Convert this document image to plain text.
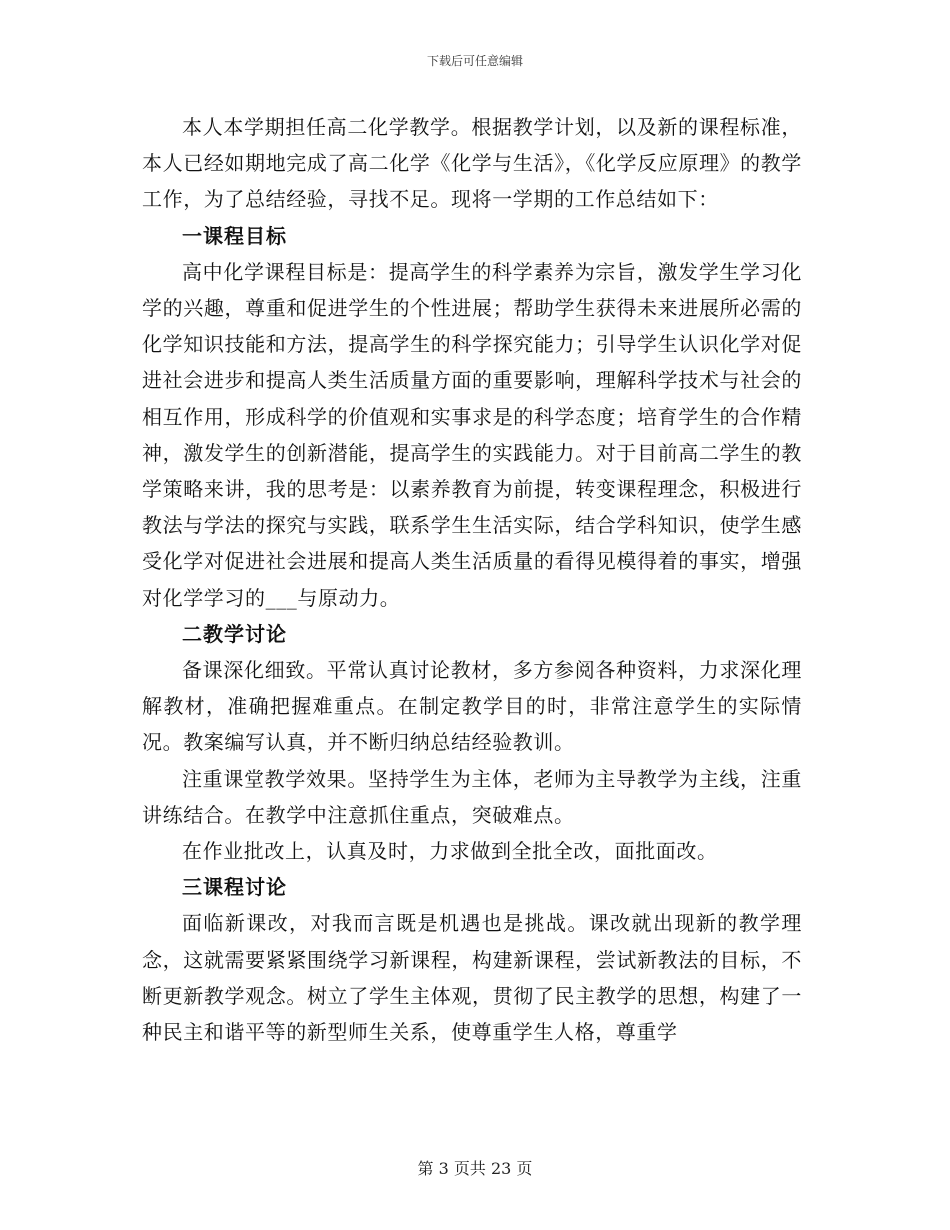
下载后可任意编辑

本人本学期担任高二化学教学。根据教学计划，以及新的课程标准，本人已经如期地完成了高二化学《化学与生活》，《化学反应原理》的教学工作，为了总结经验，寻找不足。现将一学期的工作总结如下：

一课程目标

高中化学课程目标是：提高学生的科学素养为宗旨，激发学生学习化学的兴趣，尊重和促进学生的个性进展；帮助学生获得未来进展所必需的化学知识技能和方法，提高学生的科学探究能力；引导学生认识化学对促进社会进步和提高人类生活质量方面的重要影响，理解科学技术与社会的相互作用，形成科学的价值观和实事求是的科学态度；培育学生的合作精神，激发学生的创新潜能，提高学生的实践能力。对于目前高二学生的教学策略来讲，我的思考是：以素养教育为前提，转变课程理念，积极进行教法与学法的探究与实践，联系学生生活实际，结合学科知识，使学生感受化学对促进社会进展和提高人类生活质量的看得见模得着的事实，增强对化学学习的___与原动力。

二教学讨论

备课深化细致。平常认真讨论教材，多方参阅各种资料，力求深化理解教材，准确把握难重点。在制定教学目的时，非常注意学生的实际情况。教案编写认真，并不断归纳总结经验教训。

注重课堂教学效果。坚持学生为主体，老师为主导教学为主线，注重讲练结合。在教学中注意抓住重点，突破难点。

在作业批改上，认真及时，力求做到全批全改，面批面改。

三课程讨论

面临新课改，对我而言既是机遇也是挑战。课改就出现新的教学理念，这就需要紧紧围绕学习新课程，构建新课程，尝试新教法的目标，不断更新教学观念。树立了学生主体观，贯彻了民主教学的思想，构建了一种民主和谐平等的新型师生关系，使尊重学生人格，尊重学

第 3 页共 23 页
